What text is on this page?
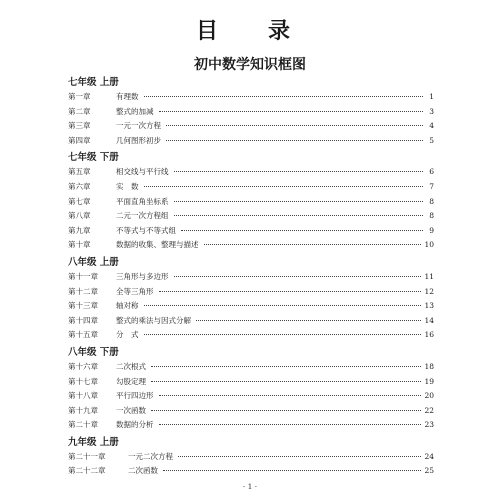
目　录
初中数学知识框图
七年级 上册
第一章	有理数	1
第二章	整式的加减	3
第三章	一元一次方程	4
第四章	几何图形初步	5
七年级 下册
第五章	相交线与平行线	6
第六章	实　数	7
第七章	平面直角坐标系	8
第八章	二元一次方程组	8
第九章	不等式与不等式组	9
第十章	数据的收集、整理与描述	10
八年级 上册
第十一章	三角形与多边形	11
第十二章	全等三角形	12
第十三章	轴对称	13
第十四章	整式的乘法与因式分解	14
第十五章	分　式	16
八年级 下册
第十六章	二次根式	18
第十七章	勾股定理	19
第十八章	平行四边形	20
第十九章	一次函数	22
第二十章	数据的分析	23
九年级 上册
第二十一章	一元二次方程	24
第二十二章	二次函数	25
· 1 ·
